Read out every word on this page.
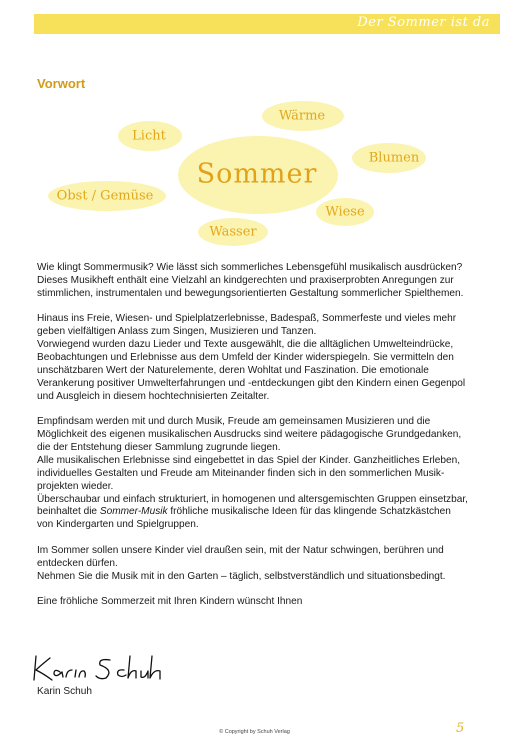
Der Sommer ist da
Vorwort
Sommer
Wärme
Licht
Blumen
Obst / Gemüse
Wiese
Wasser

Wie klingt Sommermusik? Wie lässt sich sommerliches Lebensgefühl musikalisch ausdrücken?
Dieses Musikheft enthält eine Vielzahl an kindgerechten und praxiserprobten Anregungen zur
stimmlichen, instrumentalen und bewegungsorientierten Gestaltung sommerlicher Spielthemen.

Hinaus ins Freie, Wiesen- und Spielplatzerlebnisse, Badespaß, Sommerfeste und vieles mehr
geben vielfältigen Anlass zum Singen, Musizieren und Tanzen.
Vorwiegend wurden dazu Lieder und Texte ausgewählt, die die alltäglichen Umwelteindrücke,
Beobachtungen und Erlebnisse aus dem Umfeld der Kinder widerspiegeln. Sie vermitteln den
unschätzbaren Wert der Naturelemente, deren Wohltat und Faszination. Die emotionale
Verankerung positiver Umwelterfahrungen und -entdeckungen gibt den Kindern einen Gegenpol
und Ausgleich in diesem hochtechnisierten Zeitalter.

Empfindsam werden mit und durch Musik, Freude am gemeinsamen Musizieren und die
Möglichkeit des eigenen musikalischen Ausdrucks sind weitere pädagogische Grundgedanken,
die der Entstehung dieser Sammlung zugrunde liegen.
Alle musikalischen Erlebnisse sind eingebettet in das Spiel der Kinder. Ganzheitliches Erleben,
individuelles Gestalten und Freude am Miteinander finden sich in den sommerlichen Musik-
projekten wieder.
Überschaubar und einfach strukturiert, in homogenen und altersgemischten Gruppen einsetzbar,
beinhaltet die Sommer-Musik fröhliche musikalische Ideen für das klingende Schatzkästchen
von Kindergarten und Spielgruppen.

Im Sommer sollen unsere Kinder viel draußen sein, mit der Natur schwingen, berühren und
entdecken dürfen.
Nehmen Sie die Musik mit in den Garten – täglich, selbstverständlich und situationsbedingt.

Eine fröhliche Sommerzeit mit Ihren Kindern wünscht Ihnen

Karin Schuh
© Copyright by Schuh Verlag	5
